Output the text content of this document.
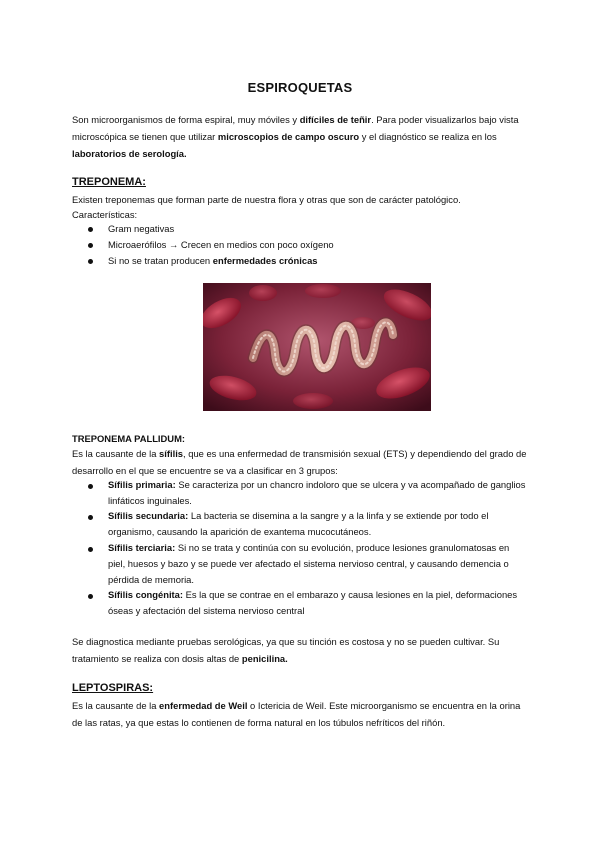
ESPIROQUETAS
Son microorganismos de forma espiral, muy móviles y difíciles de teñir. Para poder visualizarlos bajo vista microscópica se tienen que utilizar microscopios de campo oscuro y el diagnóstico se realiza en los laboratorios de serología.
TREPONEMA:
Existen treponemas que forman parte de nuestra flora y otras que son de carácter patológico.
Características:
Gram negativas
Microaerófilos → Crecen en medios con poco oxígeno
Si no se tratan producen enfermedades crónicas
TREPONEMA PALLIDUM:
Es la causante de la sífilis, que es una enfermedad de transmisión sexual (ETS) y dependiendo del grado de desarrollo en el que se encuentre se va a clasificar en 3 grupos:
Sífilis primaria: Se caracteriza por un chancro indoloro que se ulcera y va acompañado de ganglios linfáticos inguinales.
Sífilis secundaria: La bacteria se disemina a la sangre y a la linfa y se extiende por todo el organismo, causando la aparición de exantema mucocutáneos.
Sífilis terciaria: Si no se trata y continúa con su evolución, produce lesiones granulomatosas en piel, huesos y bazo y se puede ver afectado el sistema nervioso central, y causando demencia o pérdida de memoria.
Sífilis congénita: Es la que se contrae en el embarazo y causa lesiones en la piel, deformaciones óseas y afectación del sistema nervioso central
Se diagnostica mediante pruebas serológicas, ya que su tinción es costosa y no se pueden cultivar. Su tratamiento se realiza con dosis altas de penicilina.
LEPTOSPIRAS:
Es la causante de la enfermedad de Weil o Ictericia de Weil. Este microorganismo se encuentra en la orina de las ratas, ya que estas lo contienen de forma natural en los túbulos nefríticos del riñón.
